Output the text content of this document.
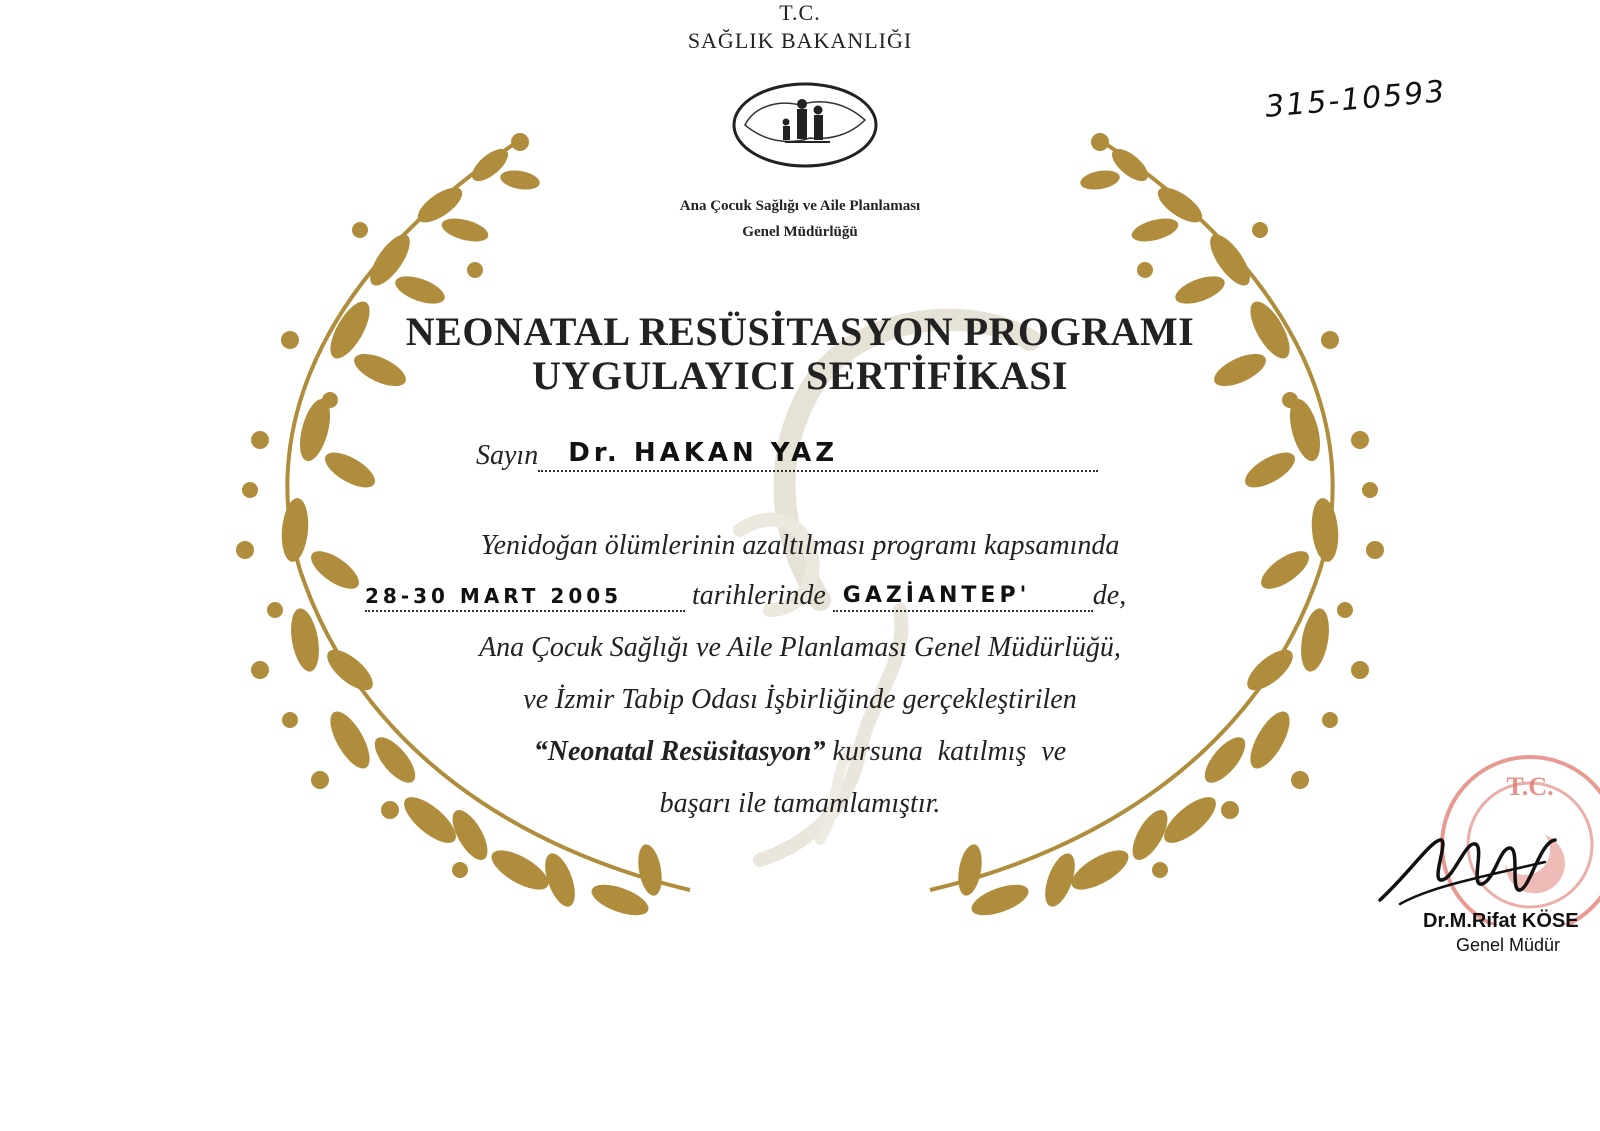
T.C.
SAĞLIK BAKANLIĞI
Ana Çocuk Sağlığı ve Aile Planlaması
Genel Müdürlüğü
315-10593
NEONATAL RESÜSİTASYON PROGRAMI
UYGULAYICI SERTİFİKASI
Sayın Dr. HAKAN YAZ
Yenidoğan ölümlerinin azaltılması programı kapsamında
28-30 MART 2005 tarihlerinde GAZİANTEP' de,
Ana Çocuk Sağlığı ve Aile Planlaması Genel Müdürlüğü,
ve İzmir Tabip Odası İşbirliğinde gerçekleştirilen
“Neonatal Resüsitasyon” kursuna katılmış ve
başarı ile tamamlamıştır.
T.C.
Dr.M.Rifat KÖSE
Genel Müdür
